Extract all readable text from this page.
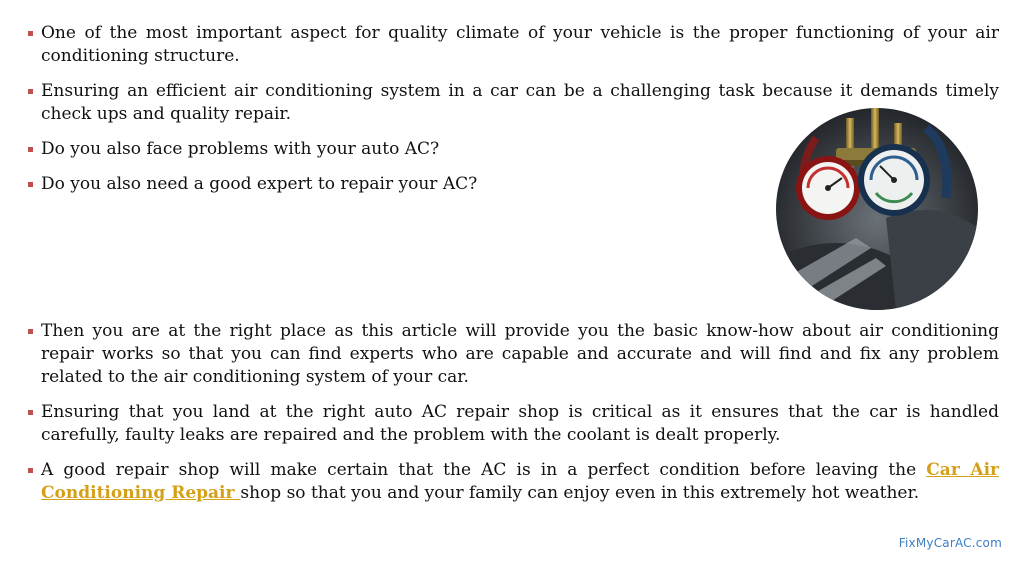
One of the most important aspect for quality climate of your vehicle is the proper functioning of your air conditioning structure.
Ensuring an efficient air conditioning system in a car can be a challenging task because it demands timely check ups and quality repair.
Do you also face problems with your auto AC?
Do you also need a good expert to repair your AC?
Then you are at the right place as this article will provide you the basic know-how about air conditioning repair works so that you can find experts who are capable and accurate and will find and fix any problem related to the air conditioning system of your car.
Ensuring that you land at the right auto AC repair shop is critical as it ensures that the car is handled carefully, faulty leaks are repaired and the problem with the coolant is dealt properly.
A good repair shop will make certain that the AC is in a perfect condition before leaving the Car Air Conditioning Repair shop so that you and your family can enjoy even in this extremely hot weather.
FixMyCarAC.com
